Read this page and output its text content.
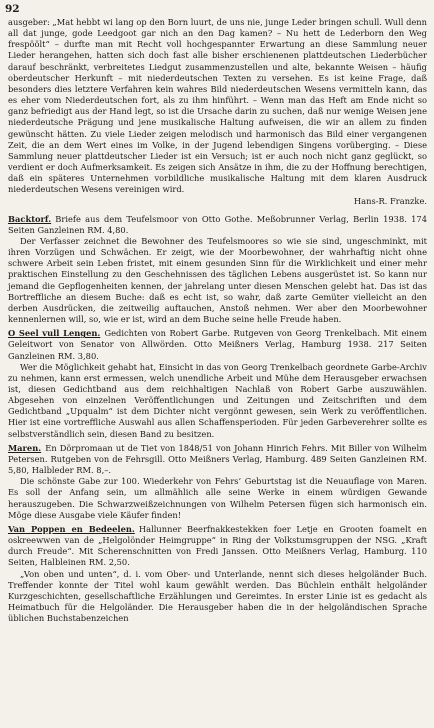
92

ausgeber: „Mat hebbt wi lang op den Born luurt, de uns nie, junge Leder bringen schull. Wull denn all dat junge, gode Leedgoot gar nich an den Dag kamen? – Nu hett de Lederborn den Weg frespöölt“ – durfte man mit Recht voll hochgespannter Erwartung an diese Sammlung neuer Lieder herangehen, hatten sich doch fast alle bisher erschienenen plattdeutschen Liederbücher darauf beschränkt, verbreitetes Liedgut zusammenzustellen und alte, bekannte Weisen – häufig oberdeutscher Herkunft – mit niederdeutschen Texten zu versehen. Es ist keine Frage, daß besonders dies letztere Verfahren kein wahres Bild niederdeutschen Wesens vermitteln kann, das es eher vom Niederdeutschen fort, als zu ihm hinführt. – Wenn man das Heft am Ende nicht so ganz befriedigt aus der Hand legt, so ist die Ursache darin zu suchen, daß nur wenige Weisen jene niederdeutsche Prägung und jene musikalische Haltung aufweisen, die wir an allem zu finden gewünscht hätten. Zu viele Lieder zeigen melodisch und harmonisch das Bild einer vergangenen Zeit, die an dem Wert eines im Volke, in der Jugend lebendigen Singens vorüberging. – Diese Sammlung neuer plattdeutscher Lieder ist ein Versuch; ist er auch noch nicht ganz geglückt, so verdient er doch Aufmerksamkeit. Es zeigen sich Ansätze in ihm, die zu der Hoffnung berechtigen, daß ein späteres Unternehmen vorbildliche musikalische Haltung mit dem klaren Ausdruck niederdeutschen Wesens vereinigen wird.

Hans-R. Franzke.

Backtorf.  Briefe aus dem Teufelsmoor von Otto Gothe. Meßobrunner Verlag, Berlin 1938. 174 Seiten Ganzleinen RM. 4,80.

Der Verfasser zeichnet die Bewohner des Teufelsmoores so wie sie sind, ungeschminkt, mit ihren Vorzügen und Schwächen. Er zeigt, wie der Moorbewohner, der wahrhaftig nicht ohne schwere Arbeit sein Leben fristet, mit einem gesunden Sinn für die Wirklichkeit und einer mehr praktischen Einstellung zu den Geschehnissen des täglichen Lebens ausgerüstet ist. So kann nur jemand die Gepflogenheiten kennen, der jahrelang unter diesen Menschen gelebt hat. Das ist das Bortreffliche an diesem Buche: daß es echt ist, so wahr, daß zarte Gemüter vielleicht an den derben Ausdrücken, die zeitweilig auftauchen, Anstoß nehmen. Wer aber den Moorbewohner kennenlernen will, so, wie er ist, wird an dem Buche seine helle Freude haben.

O Seel vull Lengen.  Gedichten von Robert Garbe. Rutgeven von Georg Trenkelbach. Mit einem Geleitwort von Senator von Allwörden. Otto Meißners Verlag, Hamburg 1938. 217 Seiten Ganzleinen RM. 3,80.

Wer die Möglichkeit gehabt hat, Einsicht in das von Georg Trenkelbach geordnete Garbe-Archiv zu nehmen, kann erst ermessen, welch unendliche Arbeit und Mühe dem Herausgeber erwachsen ist, diesen Gedichtband aus dem reichhaltigen Nachlaß von Robert Garbe auszuwählen. Abgesehen von einzelnen Veröffentlichungen und Zeitungen und Zeitschriften und dem Gedichtband „Upqualm“ ist dem Dichter nicht vergönnt gewesen, sein Werk zu veröffentlichen. Hier ist eine vortreffliche Auswahl aus allen Schaffensperioden. Für jeden Garbeverehrer sollte es selbstverständlich sein, diesen Band zu besitzen.

Maren.  En Dörpromaan ut de Tiet von 1848/51 von Johann Hinrich Fehrs. Mit Biller von Wilhelm Petersen. Rutgeben von de Fehrsgill. Otto Meißners Verlag, Hamburg. 489 Seiten Ganzleinen RM. 5,80, Halbleder RM. 8,–.

Die schönste Gabe zur 100. Wiederkehr von Fehrs’ Geburtstag ist die Neuauflage von Maren. Es soll der Anfang sein, um allmählich alle seine Werke in einem würdigen Gewande herauszugeben. Die Schwarzweißzeichnungen von Wilhelm Petersen fügen sich harmonisch ein. Möge diese Ausgabe viele Käufer finden!

Van Poppen en Bedeelen.  Hallunner Beerfnakkestekken foer Letje en Grooten foamelt en oskreewwen van de „Helgolönder Heimgruppe“ in Ring der Volkstumsgruppen der NSG. „Kraft durch Freude“. Mit Scherenschnitten von Fredi Janssen. Otto Meißners Verlag, Hamburg. 110 Seiten, Halbleinen RM. 2,50.

„Von oben und unten“, d. i. vom Ober- und Unterlande, nennt sich dieses helgoländer Buch. Treffender konnte der Titel wohl kaum gewählt werden. Das Büchlein enthält helgoländer Kurzgeschichten, gesellschaftliche Erzählungen und Gereimtes. In erster Linie ist es gedacht als Heimatbuch für die Helgoländer. Die Herausgeber haben die in der helgoländischen Sprache üblichen Buchstabenzeichen
